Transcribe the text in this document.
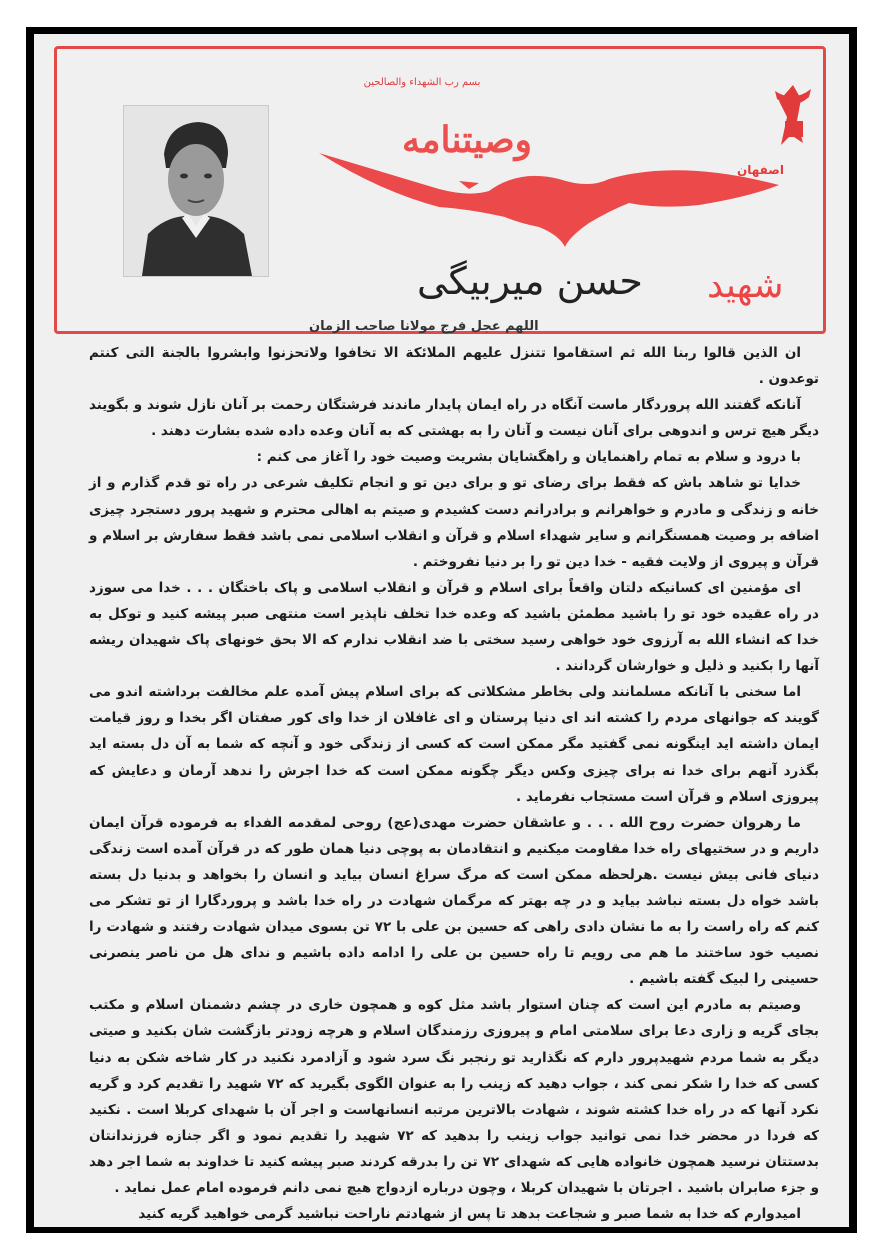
بسم رب الشهداء والصالحین
وصیتنامه
اصفهان
شهید
حسن میربیگی
اللهم عجل فرج مولانا صاحب الزمان

ان الذین قالوا ربنا الله ثم استقاموا تتنزل علیهم الملائکة الا تخافوا ولاتحزنوا وابشروا بالجنة التی کنتم توعدون .

آنانکه گفتند الله پروردگار ماست آنگاه در راه ایمان پایدار ماندند فرشتگان رحمت بر آنان نازل شوند و بگویند دیگر هیچ ترس و اندوهی برای آنان نیست و آنان را به بهشتی که به آنان وعده داده شده بشارت دهند .

با درود و سلام به تمام راهنمایان و راهگشایان بشریت وصیت خود را آغاز می کنم :

خدایا تو شاهد باش که فقط برای رضای تو و برای دین تو و انجام تکلیف شرعی در راه تو قدم گذارم و از خانه و زندگی و مادرم و خواهرانم و برادرانم دست کشیدم و صیتم به اهالی محترم و شهید پرور دستجرد چیزی اضافه بر وصیت همسنگرانم و سایر شهداء اسلام و قرآن و انقلاب اسلامی نمی باشد فقط سفارش بر اسلام و قرآن و پیروی از ولایت فقیه - خدا دین تو را بر دنیا نفروختم .

ای مؤمنین ای کسانیکه دلتان واقعاً برای اسلام و قرآن و انقلاب اسلامی و پاک باختگان . . . خدا می سوزد در راه عقیده خود تو را باشید مطمئن باشید که وعده خدا تخلف ناپذیر است منتهی صبر پیشه کنید و توکل به خدا که انشاء الله به آرزوی خود خواهی رسید سختی با ضد انقلاب ندارم که الا بحق خونهای پاک شهیدان ریشه آنها را بکنید و ذلیل و خوارشان گردانند .

اما سخنی با آنانکه مسلمانند ولی بخاطر مشکلاتی که برای اسلام پیش آمده علم مخالفت برداشته اندو می گویند که جوانهای مردم را کشته اند ای دنیا پرستان و ای غافلان از خدا وای کور صفتان اگر بخدا و روز قیامت ایمان داشته اید اینگونه نمی گفتید مگر ممکن است که کسی از زندگی خود و آنچه که شما به آن دل بسته اید بگذرد آنهم برای خدا نه برای چیزی وکس دیگر چگونه ممکن است که خدا اجرش را ندهد آرمان و دعایش که پیروزی اسلام و قرآن است مستجاب نفرماید .

ما رهروان حضرت روح الله . . . و عاشقان حضرت مهدی(عج) روحی لمقدمه الفداء به فرموده قرآن ایمان داریم و در سختیهای راه خدا مقاومت میکنیم و انتقادمان به پوچی دنیا همان طور که در قرآن آمده است زندگی دنیای فانی بیش نیست .هرلحظه ممکن است که مرگ سراغ انسان بیاید و انسان را بخواهد و بدنیا دل بسته باشد خواه دل بسته نباشد بیاید و در چه بهتر که مرگمان شهادت در راه خدا باشد و پروردگارا از تو تشکر می کنم که راه راست را به ما نشان دادی راهی که حسین بن علی با ۷۲ تن بسوی میدان شهادت رفتند و شهادت را نصیب خود ساختند ما هم می رویم تا راه حسین بن علی را ادامه داده باشیم و ندای هل من ناصر ینصرنی حسینی را لبیک گفته باشیم .

وصیتم به مادرم این است که چنان استوار باشد مثل کوه و همچون خاری در چشم دشمنان اسلام و مکتب بجای گریه و زاری دعا برای سلامتی امام و پیروزی رزمندگان اسلام و هرچه زودتر بازگشت شان بکنید و صیتی دیگر به شما مردم شهیدپرور دارم که نگذارید تو رنجبر نگ سرد شود و آزادمرد نکنید در کار شاخه شکن به دنیا کسی که خدا را شکر نمی کند ، جواب دهید که زینب را به عنوان الگوی بگیرید که ۷۲ شهید را تقدیم کرد و گریه نکرد آنها که در راه خدا کشته شوند ، شهادت بالاترین مرتبه انسانهاست و اجر آن با شهدای کربلا است . نکنید که فردا در محضر خدا نمی توانید جواب زینب را بدهید که ۷۲ شهید را تقدیم نمود و اگر جنازه فرزندانتان بدستتان نرسید همچون خانواده هایی که شهدای ۷۲ تن را بدرقه کردند صبر پیشه کنید تا خداوند به شما اجر دهد و جزء صابران باشید . اجرتان با شهیدان کربلا ، وچون درباره ازدواج هیچ نمی دانم فرموده امام عمل نماید .

امیدوارم که خدا به شما صبر و شجاعت بدهد تا پس از شهادتم ناراحت نباشید گرمی خواهید گریه کنید
